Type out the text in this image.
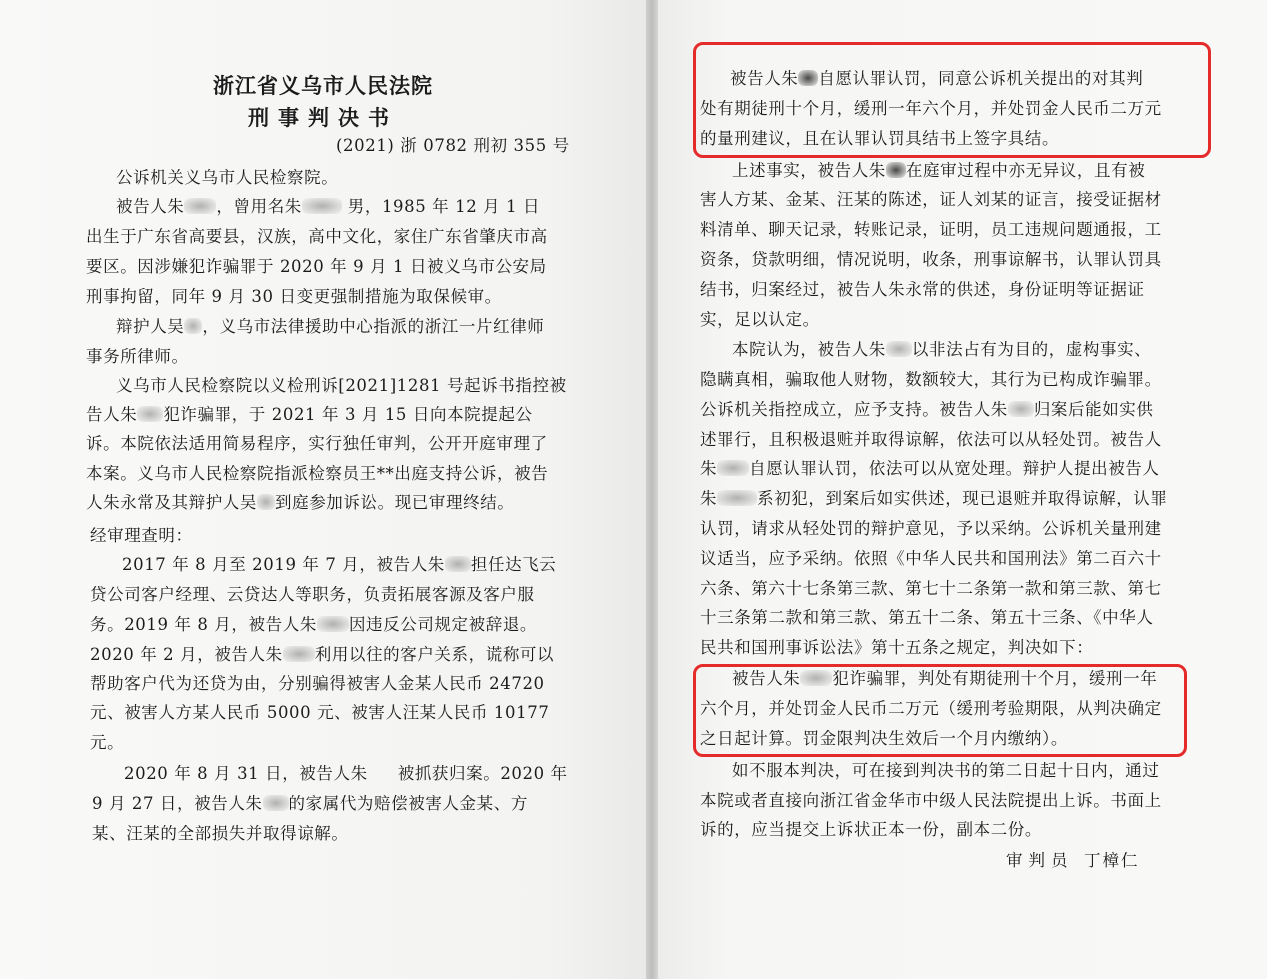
浙江省义乌市人民法院
刑事判决书
(2021) 浙 0782 刑初 355 号
公诉机关义乌市人民检察院。
被告人朱 ，曾用名朱 男，1985 年 12 月 1 日
出生于广东省高要县，汉族，高中文化，家住广东省肇庆市高
要区。因涉嫌犯诈骗罪于 2020 年 9 月 1 日被义乌市公安局
刑事拘留，同年 9 月 30 日变更强制措施为取保候审。
辩护人吴 ，义乌市法律援助中心指派的浙江一片红律师
事务所律师。
义乌市人民检察院以义检刑诉[2021]1281 号起诉书指控被
告人朱 犯诈骗罪，于 2021 年 3 月 15 日向本院提起公
诉。本院依法适用简易程序，实行独任审判，公开开庭审理了
本案。义乌市人民检察院指派检察员王**出庭支持公诉，被告
人朱永常及其辩护人吴 到庭参加诉讼。现已审理终结。
经审理查明：
2017 年 8 月至 2019 年 7 月，被告人朱 担任达飞云
贷公司客户经理、云贷达人等职务，负责拓展客源及客户服
务。2019 年 8 月，被告人朱 因违反公司规定被辞退。
2020 年 2 月，被告人朱 利用以往的客户关系，谎称可以
帮助客户代为还贷为由，分别骗得被害人金某人民币 24720
元、被害人方某人民币 5000 元、被害人汪某人民币 10177
元。
2020 年 8 月 31 日，被告人朱 被抓获归案。2020 年
9 月 27 日，被告人朱 的家属代为赔偿被害人金某、方
某、汪某的全部损失并取得谅解。
被告人朱 自愿认罪认罚，同意公诉机关提出的对其判
处有期徒刑十个月，缓刑一年六个月，并处罚金人民币二万元
的量刑建议，且在认罪认罚具结书上签字具结。
上述事实，被告人朱 在庭审过程中亦无异议，且有被
害人方某、金某、汪某的陈述，证人刘某的证言，接受证据材
料清单、聊天记录，转账记录，证明，员工违规问题通报，工
资条，贷款明细，情况说明，收条，刑事谅解书，认罪认罚具
结书，归案经过，被告人朱永常的供述，身份证明等证据证
实，足以认定。
本院认为，被告人朱 以非法占有为目的，虚构事实、
隐瞒真相，骗取他人财物，数额较大，其行为已构成诈骗罪。
公诉机关指控成立，应予支持。被告人朱 归案后能如实供
述罪行，且积极退赃并取得谅解，依法可以从轻处罚。被告人
朱 自愿认罪认罚，依法可以从宽处理。辩护人提出被告人
朱 系初犯，到案后如实供述，现已退赃并取得谅解，认罪
认罚，请求从轻处罚的辩护意见，予以采纳。公诉机关量刑建
议适当，应予采纳。依照《中华人民共和国刑法》第二百六十
六条、第六十七条第三款、第七十二条第一款和第三款、第七
十三条第二款和第三款、第五十二条、第五十三条、《中华人
民共和国刑事诉讼法》第十五条之规定，判决如下：
被告人朱 犯诈骗罪，判处有期徒刑十个月，缓刑一年
六个月，并处罚金人民币二万元（缓刑考验期限，从判决确定
之日起计算。罚金限判决生效后一个月内缴纳）。
如不服本判决，可在接到判决书的第二日起十日内，通过
本院或者直接向浙江省金华市中级人民法院提出上诉。书面上
诉的，应当提交上诉状正本一份，副本二份。
审判员 丁樟仁
